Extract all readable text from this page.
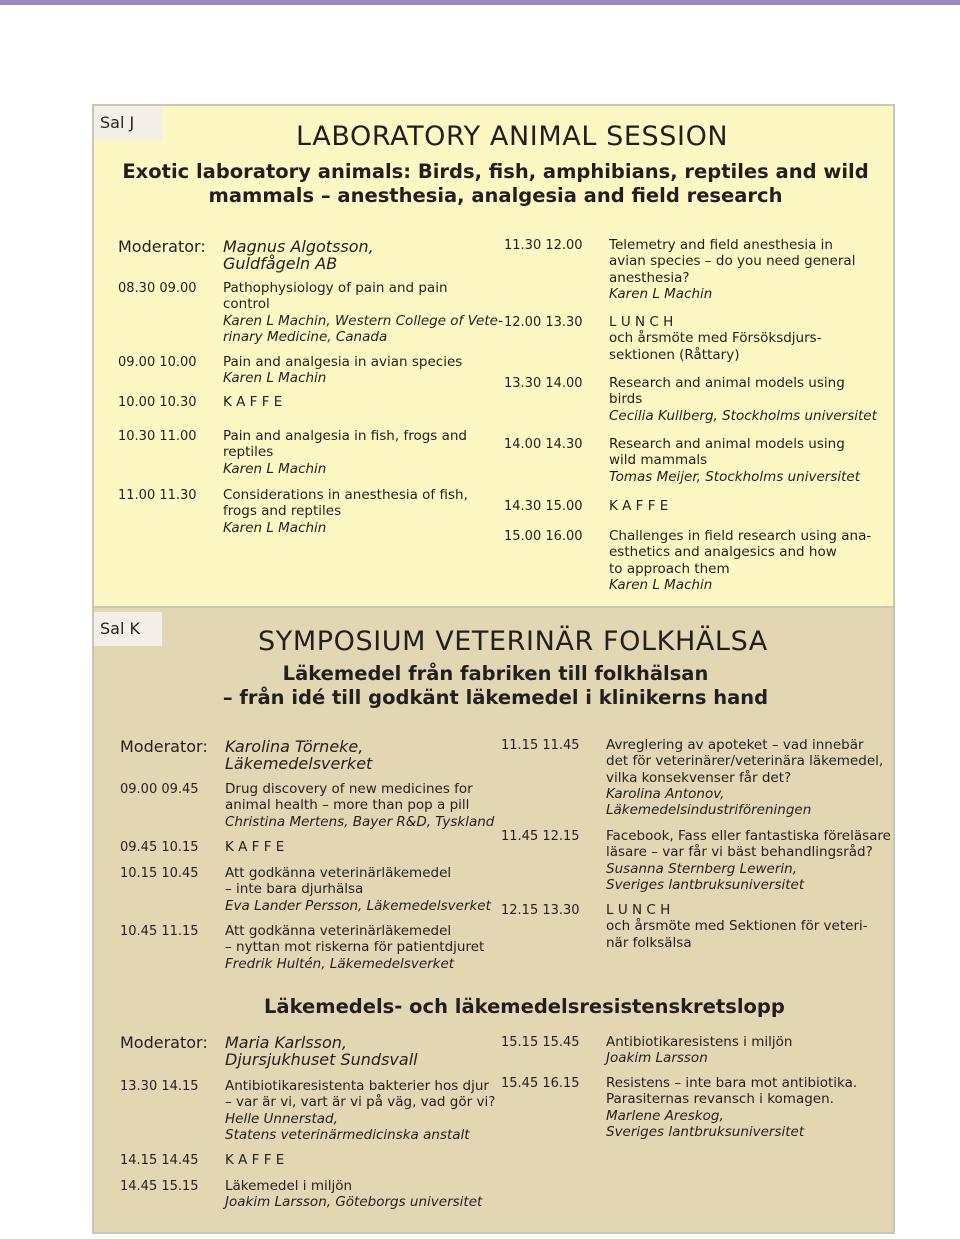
Sal J	LABORATORY ANIMAL SESSION
Exotic laboratory animals: Birds, fish, amphibians, reptiles and wild
mammals – anesthesia, analgesia and field research
Moderator: Magnus Algotsson,
Guldfågeln AB
08.30 09.00 Pathophysiology of pain and pain
control
Karen L Machin, Western College of Vete-
rinary Medicine, Canada
09.00 10.00 Pain and analgesia in avian species
Karen L Machin
10.00 10.30 K A F F E
10.30 11.00 Pain and analgesia in fish, frogs and
reptiles
Karen L Machin
11.00 11.30 Considerations in anesthesia of fish,
frogs and reptiles
Karen L Machin
11.30 12.00 Telemetry and field anesthesia in
avian species – do you need general
anesthesia?
Karen L Machin
12.00 13.30 L U N C H
och årsmöte med Försöksdjurs-
sektionen (Råttary)
13.30 14.00 Research and animal models using
birds
Cecilia Kullberg, Stockholms universitet
14.00 14.30 Research and animal models using
wild mammals
Tomas Meijer, Stockholms universitet
14.30 15.00 K A F F E
15.00 16.00 Challenges in field research using ana-
esthetics and analgesics and how
to approach them
Karen L Machin
Sal K	SYMPOSIUM VETERINÄR FOLKHÄLSA
Läkemedel från fabriken till folkhälsan
– från idé till godkänt läkemedel i klinikerns hand
Moderator: Karolina Törneke,
Läkemedelsverket
09.00 09.45 Drug discovery of new medicines for
animal health – more than pop a pill
Christina Mertens, Bayer R&D, Tyskland
09.45 10.15 K A F F E
10.15 10.45 Att godkänna veterinärläkemedel
– inte bara djurhälsa
Eva Lander Persson, Läkemedelsverket
10.45 11.15 Att godkänna veterinärläkemedel
– nyttan mot riskerna för patientdjuret
Fredrik Hultén, Läkemedelsverket
11.15 11.45 Avreglering av apoteket – vad innebär
det för veterinärer/veterinära läkemedel,
vilka konsekvenser får det?
Karolina Antonov,
Läkemedelsindustriföreningen
11.45 12.15 Facebook, Fass eller fantastiska föreläsare
läsare – var får vi bäst behandlingsråd?
Susanna Sternberg Lewerin,
Sveriges lantbruksuniversitet
12.15 13.30 L U N C H
och årsmöte med Sektionen för veteri-
när folksälsa
Läkemedels- och läkemedelsresistenskretslopp
Moderator: Maria Karlsson,
Djursjukhuset Sundsvall
13.30 14.15 Antibiotikaresistenta bakterier hos djur
– var är vi, vart är vi på väg, vad gör vi?
Helle Unnerstad,
Statens veterinärmedicinska anstalt
14.15 14.45 K A F F E
14.45 15.15 Läkemedel i miljön
Joakim Larsson, Göteborgs universitet
15.15 15.45 Antibiotikaresistens i miljön
Joakim Larsson
15.45 16.15 Resistens – inte bara mot antibiotika.
Parasiternas revansch i komagen.
Marlene Areskog,
Sveriges lantbruksuniversitet
